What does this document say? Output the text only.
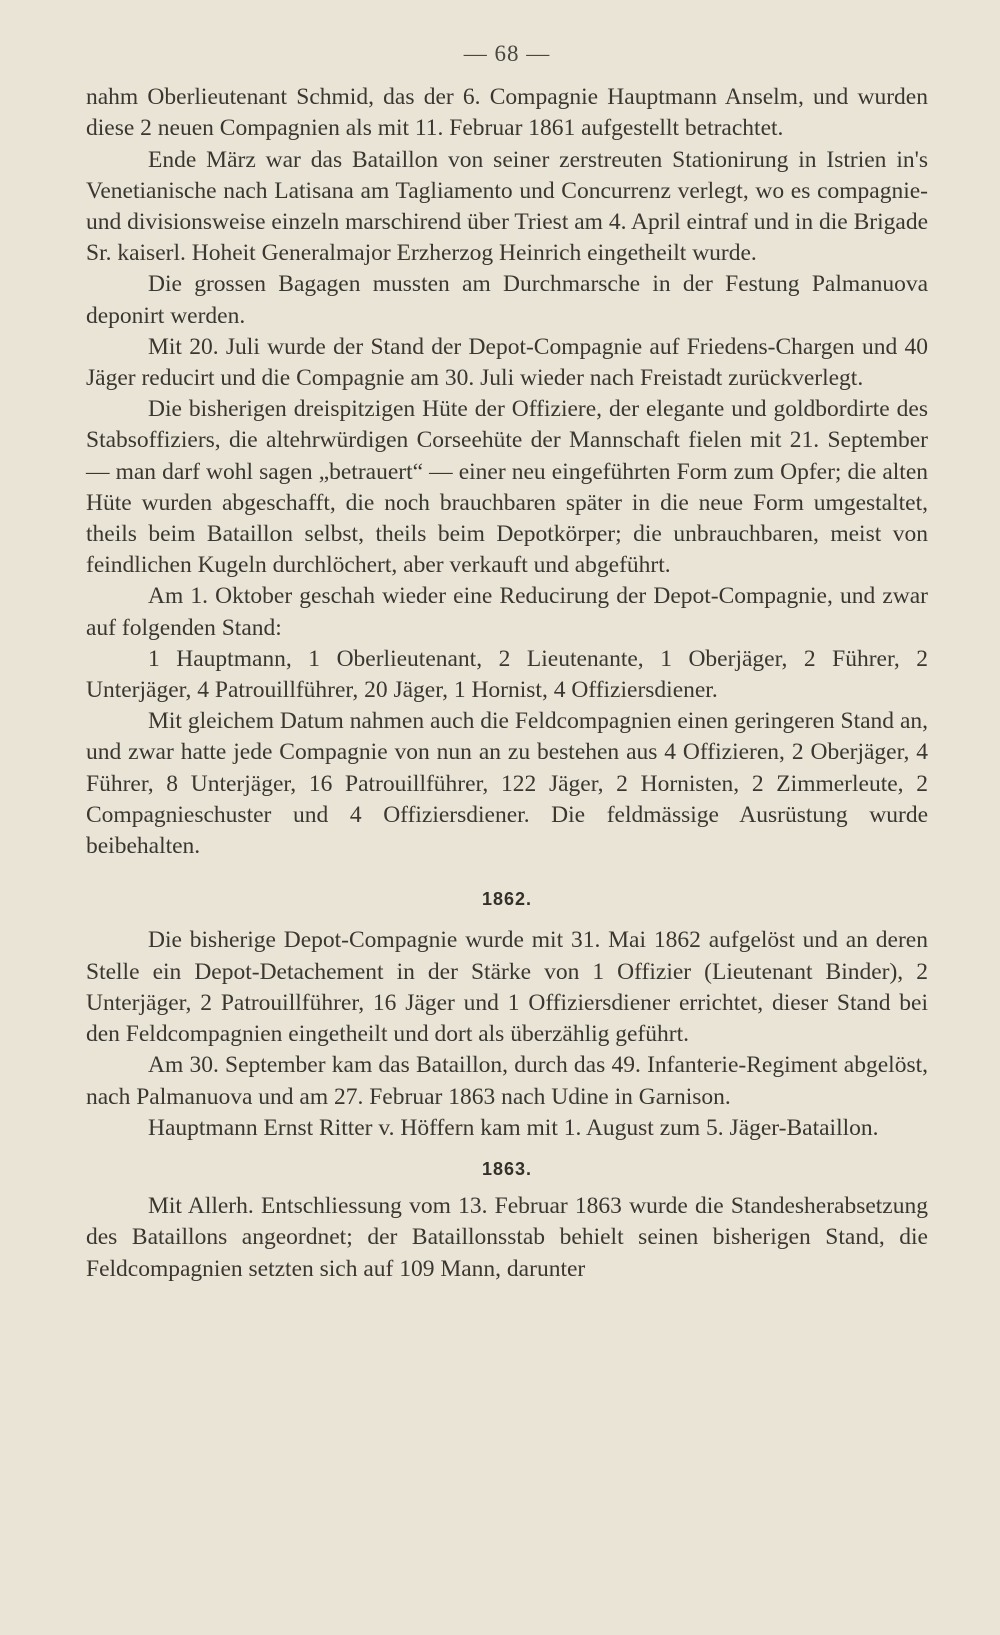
— 68 —

nahm Oberlieutenant Schmid, das der 6. Compagnie Hauptmann Anselm, und wurden diese 2 neuen Compagnien als mit 11. Februar 1861 aufgestellt betrachtet.

Ende März war das Bataillon von seiner zerstreuten Stationirung in Istrien in's Venetianische nach Latisana am Tagliamento und Concurrenz verlegt, wo es compagnie- und divisionsweise einzeln marschirend über Triest am 4. April eintraf und in die Brigade Sr. kaiserl. Hoheit Generalmajor Erzherzog Heinrich eingetheilt wurde.

Die grossen Bagagen mussten am Durchmarsche in der Festung Palmanuova deponirt werden.

Mit 20. Juli wurde der Stand der Depot-Compagnie auf Friedens-Chargen und 40 Jäger reducirt und die Compagnie am 30. Juli wieder nach Freistadt zurückverlegt.

Die bisherigen dreispitzigen Hüte der Offiziere, der elegante und goldbordirte des Stabsoffiziers, die altehrwürdigen Corseehüte der Mannschaft fielen mit 21. September — man darf wohl sagen „betrauert“ — einer neu eingeführten Form zum Opfer; die alten Hüte wurden abgeschafft, die noch brauchbaren später in die neue Form umgestaltet, theils beim Bataillon selbst, theils beim Depotkörper; die unbrauchbaren, meist von feindlichen Kugeln durchlöchert, aber verkauft und abgeführt.

Am 1. Oktober geschah wieder eine Reducirung der Depot-Compagnie, und zwar auf folgenden Stand:

1 Hauptmann, 1 Oberlieutenant, 2 Lieutenante, 1 Oberjäger, 2 Führer, 2 Unterjäger, 4 Patrouillführer, 20 Jäger, 1 Hornist, 4 Offiziersdiener.

Mit gleichem Datum nahmen auch die Feldcompagnien einen geringeren Stand an, und zwar hatte jede Compagnie von nun an zu bestehen aus 4 Offizieren, 2 Oberjäger, 4 Führer, 8 Unterjäger, 16 Patrouillführer, 122 Jäger, 2 Hornisten, 2 Zimmerleute, 2 Compagnieschuster und 4 Offiziersdiener. Die feldmässige Ausrüstung wurde beibehalten.

1862.

Die bisherige Depot-Compagnie wurde mit 31. Mai 1862 aufgelöst und an deren Stelle ein Depot-Detachement in der Stärke von 1 Offizier (Lieutenant Binder), 2 Unterjäger, 2 Patrouillführer, 16 Jäger und 1 Offiziersdiener errichtet, dieser Stand bei den Feldcompagnien eingetheilt und dort als überzählig geführt.

Am 30. September kam das Bataillon, durch das 49. Infanterie-Regiment abgelöst, nach Palmanuova und am 27. Februar 1863 nach Udine in Garnison.

Hauptmann Ernst Ritter v. Höffern kam mit 1. August zum 5. Jäger-Bataillon.

1863.

Mit Allerh. Entschliessung vom 13. Februar 1863 wurde die Standesherabsetzung des Bataillons angeordnet; der Bataillonsstab behielt seinen bisherigen Stand, die Feldcompagnien setzten sich auf 109 Mann, darunter
